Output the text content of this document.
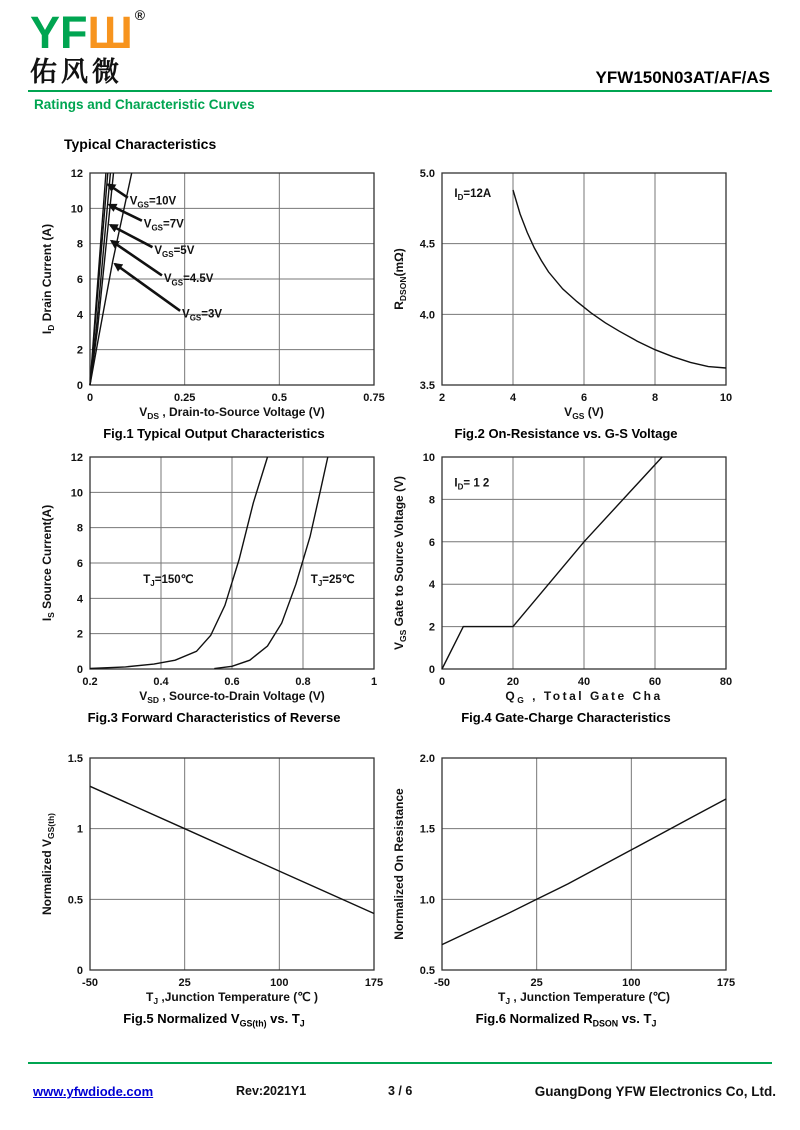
YFШ ®
佑风微	YFW150N03AT/AF/AS
Ratings and Characteristic Curves
Typical Characteristics
0	0.25	0.5	0.75
0
2
4
6
8
10
12
$V_{GS}=10V$
$V_{GS}=7V$
$V_{GS}=5V$
$V_{GS}=4.5V$
$V_{GS}=3V$
$V_{DS}$ , Drain-to-Source Voltage (V)
$I_D$ Drain Current (A)
Fig.1 Typical Output Characteristics
2	4	6	8	10
3.5
4.0
4.5
5.0
$I_D=12A$
$V_{GS}$ (V)
$R_{DSON}(m\Omega)$
Fig.2 On-Resistance vs. G-S Voltage
0.2	0.4	0.6	0.8	1
0
2
4
6
8
10
12
$T_J=150℃$	$T_J=25℃$
$V_{SD}$ , Source-to-Drain Voltage (V)
$I_S$ Source Current(A)
Fig.3 Forward Characteristics of Reverse
0	20	40	60	80
0
2
4
6
8
10
$I_D= 1$ 2
$Q_G$ , Total Gate Cha
$V_{GS}$ Gate to Source Voltage (V)
Fig.4 Gate-Charge Characteristics
-50	25	100	175
0
0.5
1
1.5
$T_J$ ,Junction Temperature (℃ )
Normalized $V_{GS(th)}$
Fig.5 Normalized $V_{GS(th)}$ vs. $T_J$
-50	25	100	175
0.5
1.0
1.5
2.0
$T_J$ , Junction Temperature (℃)
Normalized On Resistance
Fig.6 Normalized $R_{DSON}$ vs. $T_J$
www.yfwdiode.com	Rev:2021Y1	3 / 6	GuangDong YFW Electronics Co, Ltd.
